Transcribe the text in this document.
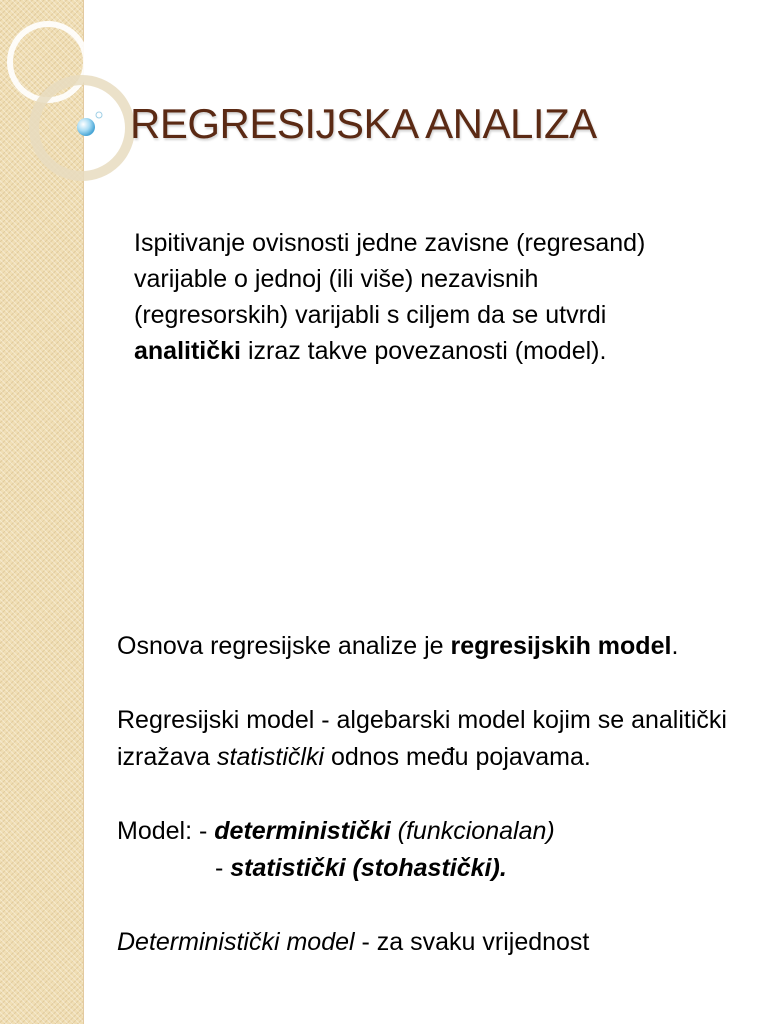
REGRESIJSKA ANALIZA
Ispitivanje ovisnosti jedne zavisne (regresand) varijable o jednoj (ili više) nezavisnih (regresorskih) varijabli s ciljem da se utvrdi analitički izraz takve povezanosti (model).

Osnova regresijske analize je regresijskih model.

Regresijski model - algebarski model kojim se analitički izražava statističlki odnos među pojavama.

Model: - deterministički (funkcionalan)

- statistički (stohastički).

Deterministički model - za svaku vrijednost
